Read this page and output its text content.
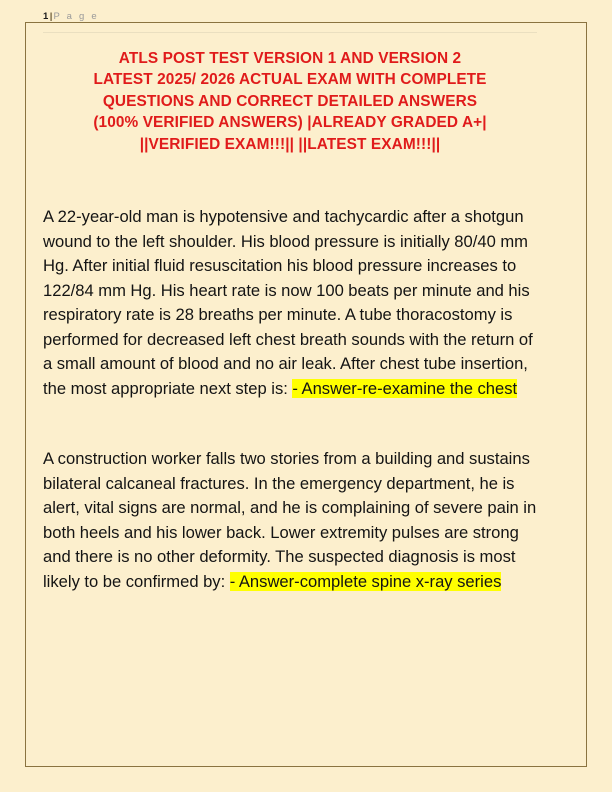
1|P a g e
ATLS POST TEST VERSION 1 AND VERSION 2
LATEST 2025/ 2026 ACTUAL EXAM WITH COMPLETE
QUESTIONS AND CORRECT DETAILED ANSWERS
(100% VERIFIED ANSWERS) |ALREADY GRADED A+|
||VERIFIED EXAM!!!|| ||LATEST EXAM!!!||

A 22-year-old man is hypotensive and tachycardic after a shotgun wound to the left shoulder. His blood pressure is initially 80/40 mm Hg. After initial fluid resuscitation his blood pressure increases to 122/84 mm Hg. His heart rate is now 100 beats per minute and his respiratory rate is 28 breaths per minute. A tube thoracostomy is performed for decreased left chest breath sounds with the return of a small amount of blood and no air leak. After chest tube insertion, the most appropriate next step is: - Answer-re-examine the chest

A construction worker falls two stories from a building and sustains bilateral calcaneal fractures. In the emergency department, he is alert, vital signs are normal, and he is complaining of severe pain in both heels and his lower back. Lower extremity pulses are strong and there is no other deformity. The suspected diagnosis is most likely to be confirmed by: - Answer-complete spine x-ray series
